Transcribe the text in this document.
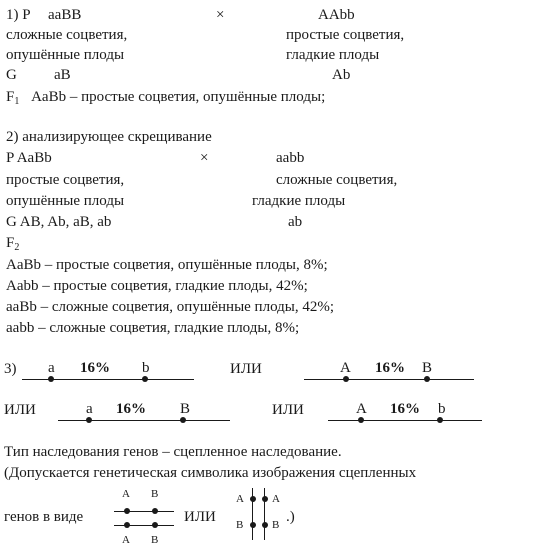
1) P aaBB	×	AAbb
сложные соцветия,	простые соцветия,
опушённые плоды	гладкие плоды
G aB	Ab
$F_1$ AaBb – простые соцветия, опушённые плоды;
2) анализирующее скрещивание
P AaBb	×	aabb
простые соцветия,	сложные соцветия,
опушённые плоды	гладкие плоды
G AB, Ab, aB, ab	ab
$F_2$
AaBb – простые соцветия, опушённые плоды, 8%;
Aabb – простые соцветия, гладкие плоды, 42%;
aaBb – сложные соцветия, опушённые плоды, 42%;
aabb – сложные соцветия, гладкие плоды, 8%;
3) a 16% b	ИЛИ	A 16% B
ИЛИ	a 16% B	ИЛИ	A 16% b
Тип наследования генов – сцепленное наследование.
(Допускается генетическая символика изображения сцепленных
генов в виде
A B
A B
ИЛИ
A
B
A
B .)
